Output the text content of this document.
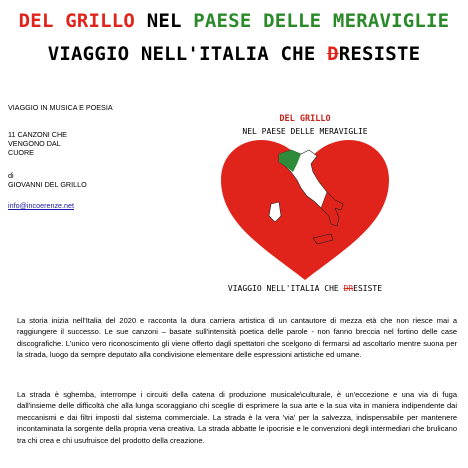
DEL GRILLO NEL PAESE DELLE MERAVIGLIE
VIAGGIO NELL'ITALIA CHE DRESISTE
VIAGGIO IN MUSICA E POESIA
11 CANZONI CHE VENGONO DAL CUORE
di
GIOVANNI DEL GRILLO
info@incoerenze.net
DEL GRILLO
NEL PAESE DELLE MERAVIGLIE
VIAGGIO NELL'ITALIA CHE DRESISTE

La storia inizia nell'Italia del 2020 e racconta la dura carriera artistica di un cantautore di mezza età che non riesce mai a raggiungere il successo. Le sue canzoni – basate sull'intensità poetica delle parole - non fanno breccia nel fortino delle case discografiche. L'unico vero riconoscimento gli viene offerto dagli spettatori che scelgono di fermarsi ad ascoltarlo mentre suona per la strada, luogo da sempre deputato alla condivisione elementare delle espressioni artistiche ed umane.

La strada è sghemba, interrompe i circuiti della catena di produzione musicale\culturale, è un'eccezione e una via di fuga dall'insieme delle difficoltà che alla lunga scoraggiano chi sceglie di esprimere la sua arte e la sua vita in maniera indipendente dai meccanismi e dai filtri imposti dal sistema commerciale. La strada è la vera 'via' per la salvezza, indispensabile per mantenere incontaminata la sorgente della propria vena creativa. La strada abbatte le ipocrisie e le convenzioni degli intermediari che brulicano tra chi crea e chi usufruisce del prodotto della creazione.
